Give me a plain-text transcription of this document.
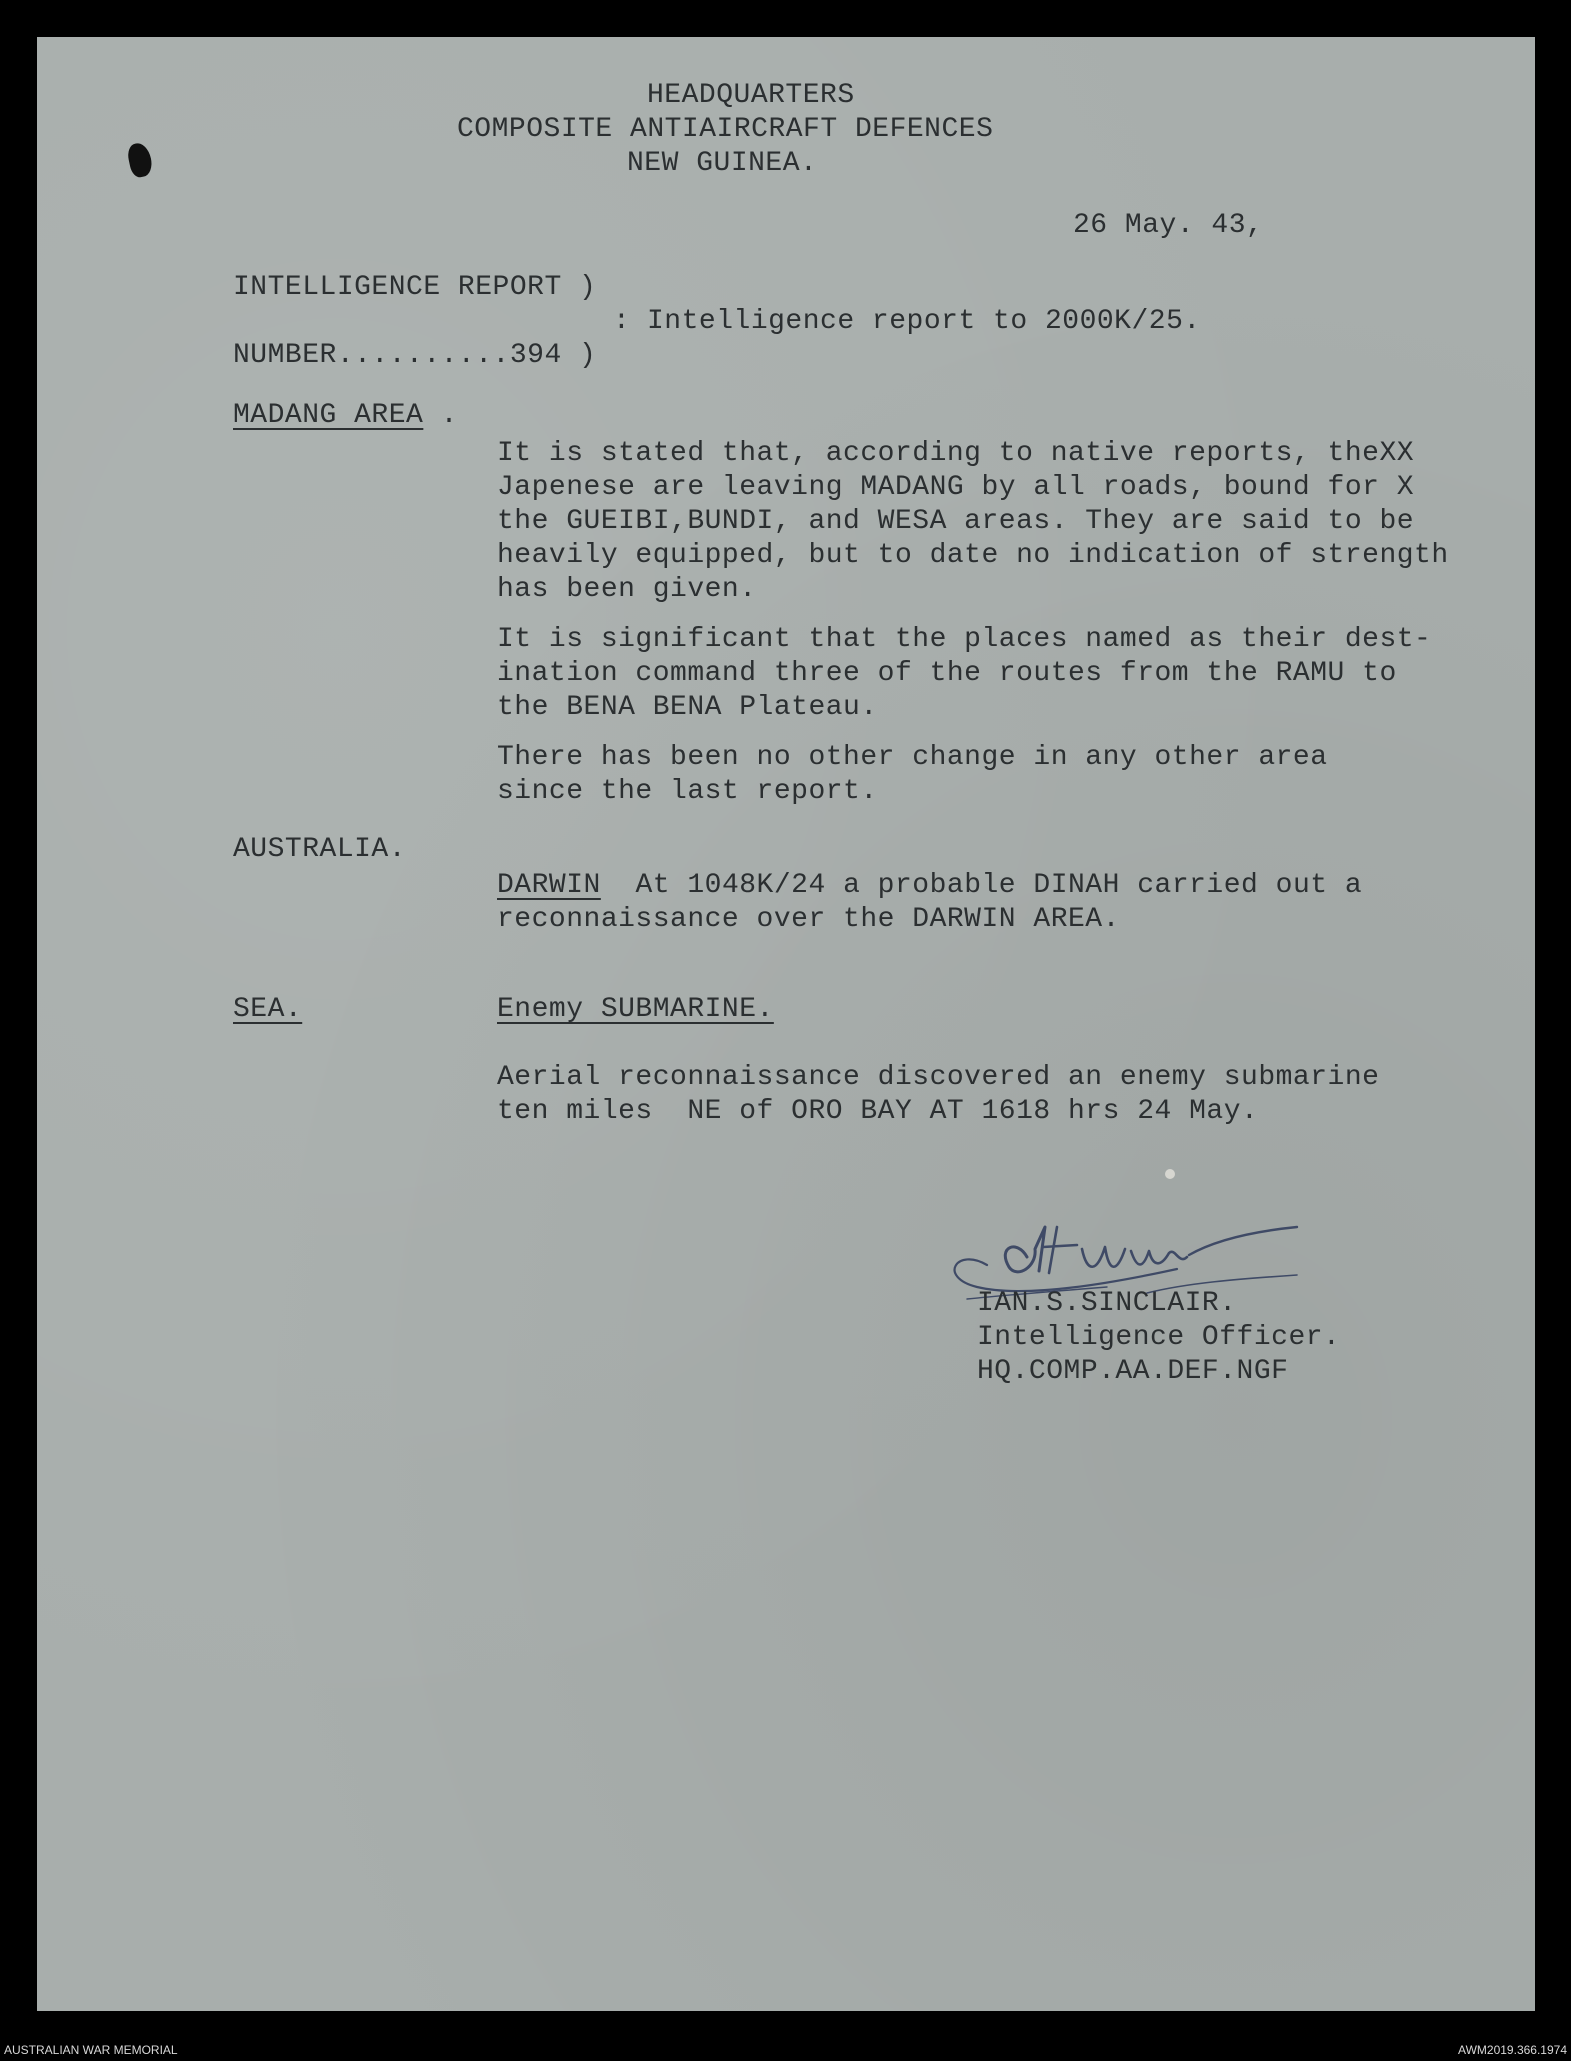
HEADQUARTERS
COMPOSITE ANTIAIRCRAFT DEFENCES
NEW GUINEA.
26 May. 43,
INTELLIGENCE REPORT )
: Intelligence report to 2000K/25.
NUMBER..........394 )
MADANG AREA .
It is stated that, according to native reports, theXX
Japenese are leaving MADANG by all roads, bound for X
the GUEIBI,BUNDI, and WESA areas. They are said to be
heavily equipped, but to date no indication of strength
has been given.
It is significant that the places named as their dest-
ination command three of the routes from the RAMU to
the BENA BENA Plateau.
There has been no other change in any other area
since the last report.
AUSTRALIA.
DARWIN At 1048K/24 a probable DINAH carried out a
reconnaissance over the DARWIN AREA.
SEA.	Enemy SUBMARINE.
Aerial reconnaissance discovered an enemy submarine
ten miles  NE of ORO BAY AT 1618 hrs 24 May.
IAN.S.SINCLAIR.
Intelligence Officer.
HQ.COMP.AA.DEF.NGF
AUSTRALIAN WAR MEMORIAL	AWM2019.366.1974
